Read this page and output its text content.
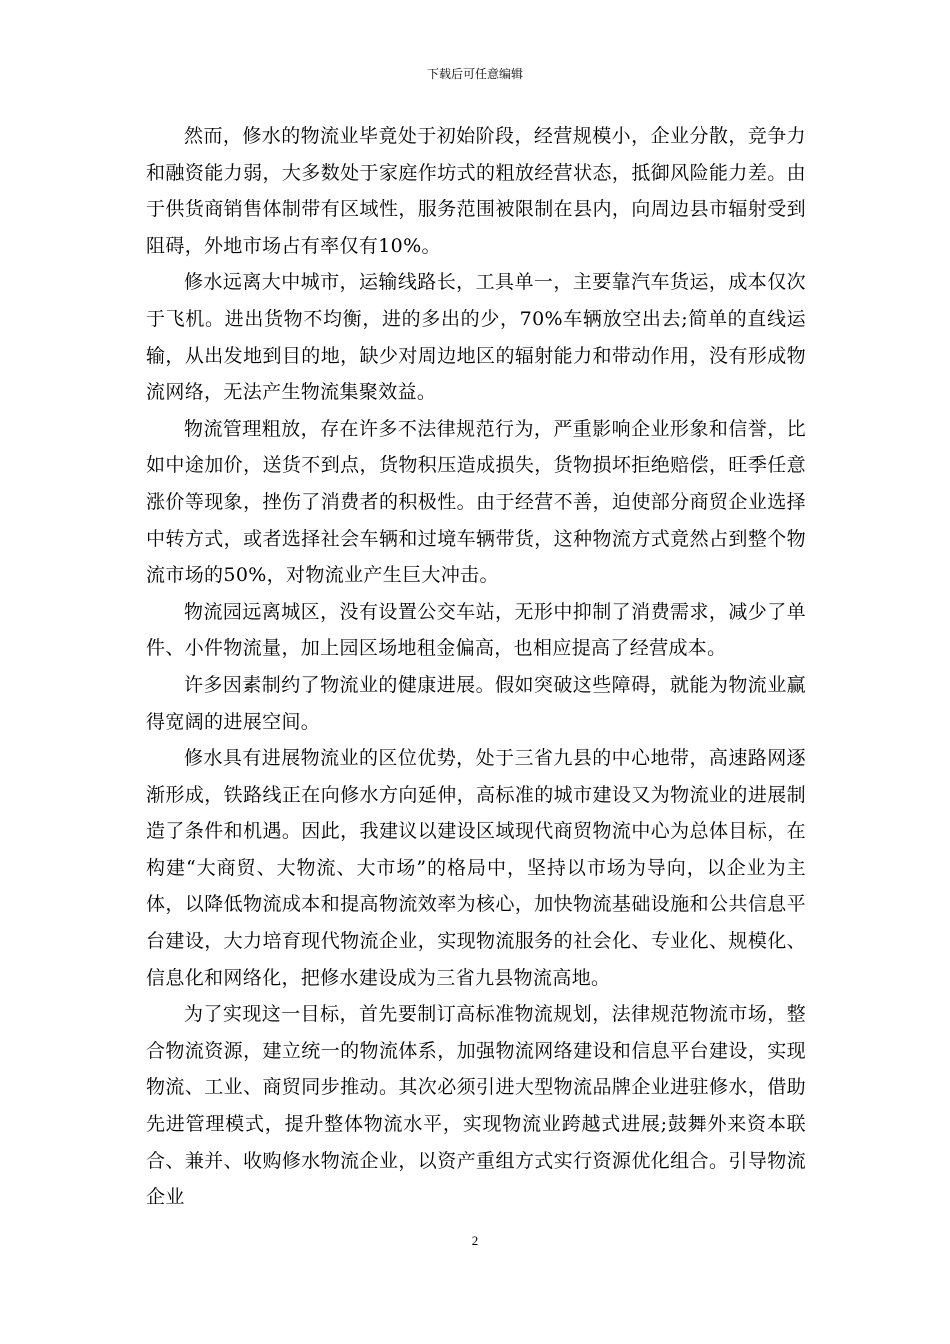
下载后可任意编辑

然而，修水的物流业毕竟处于初始阶段，经营规模小，企业分散，竞争力和融资能力弱，大多数处于家庭作坊式的粗放经营状态，抵御风险能力差。由于供货商销售体制带有区域性，服务范围被限制在县内，向周边县市辐射受到阻碍，外地市场占有率仅有10%。

修水远离大中城市，运输线路长，工具单一，主要靠汽车货运，成本仅次于飞机。进出货物不均衡，进的多出的少，70%车辆放空出去;简单的直线运输，从出发地到目的地，缺少对周边地区的辐射能力和带动作用，没有形成物流网络，无法产生物流集聚效益。

物流管理粗放，存在许多不法律规范行为，严重影响企业形象和信誉，比如中途加价，送货不到点，货物积压造成损失，货物损坏拒绝赔偿，旺季任意涨价等现象，挫伤了消费者的积极性。由于经营不善，迫使部分商贸企业选择中转方式，或者选择社会车辆和过境车辆带货，这种物流方式竟然占到整个物流市场的50%，对物流业产生巨大冲击。

物流园远离城区，没有设置公交车站，无形中抑制了消费需求，减少了单件、小件物流量，加上园区场地租金偏高，也相应提高了经营成本。

许多因素制约了物流业的健康进展。假如突破这些障碍，就能为物流业赢得宽阔的进展空间。

修水具有进展物流业的区位优势，处于三省九县的中心地带，高速路网逐渐形成，铁路线正在向修水方向延伸，高标准的城市建设又为物流业的进展制造了条件和机遇。因此，我建议以建设区域现代商贸物流中心为总体目标，在构建“大商贸、大物流、大市场”的格局中，坚持以市场为导向，以企业为主体，以降低物流成本和提高物流效率为核心，加快物流基础设施和公共信息平台建设，大力培育现代物流企业，实现物流服务的社会化、专业化、规模化、信息化和网络化，把修水建设成为三省九县物流高地。

为了实现这一目标，首先要制订高标准物流规划，法律规范物流市场，整合物流资源，建立统一的物流体系，加强物流网络建设和信息平台建设，实现物流、工业、商贸同步推动。其次必须引进大型物流品牌企业进驻修水，借助先进管理模式，提升整体物流水平，实现物流业跨越式进展;鼓舞外来资本联合、兼并、收购修水物流企业，以资产重组方式实行资源优化组合。引导物流企业

2
